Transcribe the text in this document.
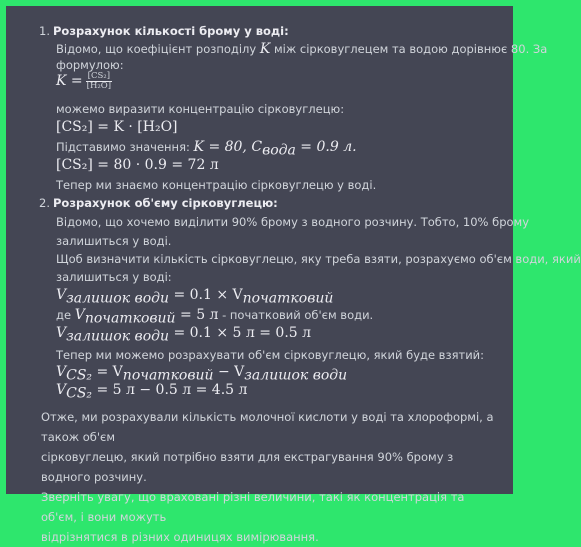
1. Розрахунок кількості брому у воді:
Відомо, що коефіцієнт розподілу K між сірковуглецем та водою дорівнює 80. За
формулою:
$K = \frac{\text{[CS₂]}}{\text{[H₂O]}}$
можемо виразити концентрацію сірковуглецю:
[CS₂] = K · [H₂O]
Підставимо значення: K = 80, $C_{вода} = 0.9$ л.
[CS₂] = 80 · 0.9 = 72 л
Тепер ми знаємо концентрацію сірковуглецю у воді.
2. Розрахунок об'єму сірковуглецю:
Відомо, що хочемо виділити 90% брому з водного розчину. Тобто, 10% брому
залишиться у воді.
Щоб визначити кількість сірковуглецю, яку треба взяти, розрахуємо об'єм води, який
залишиться у воді:
$V_{залишок води} = 0.1 \times V_{початковий}$
де $V_{початковий} = 5$ л - початковий об'єм води.
$V_{залишок води} = 0.1 \times 5$ л = 0.5 л
Тепер ми можемо розрахувати об'єм сірковуглецю, який буде взятий:
$V_{CS_2} = V_{початковий} - V_{залишок води}$
$V_{CS_2} = 5$ л − 0.5 л = 4.5 л
Отже, ми розрахували кількість молочної кислоти у воді та хлороформі, а також об'єм
сірковуглецю, який потрібно взяти для екстрагування 90% брому з водного розчину.
Зверніть увагу, що враховані різні величини, такі як концентрація та об'єм, і вони можуть
відрізнятися в різних одиницях вимірювання.
